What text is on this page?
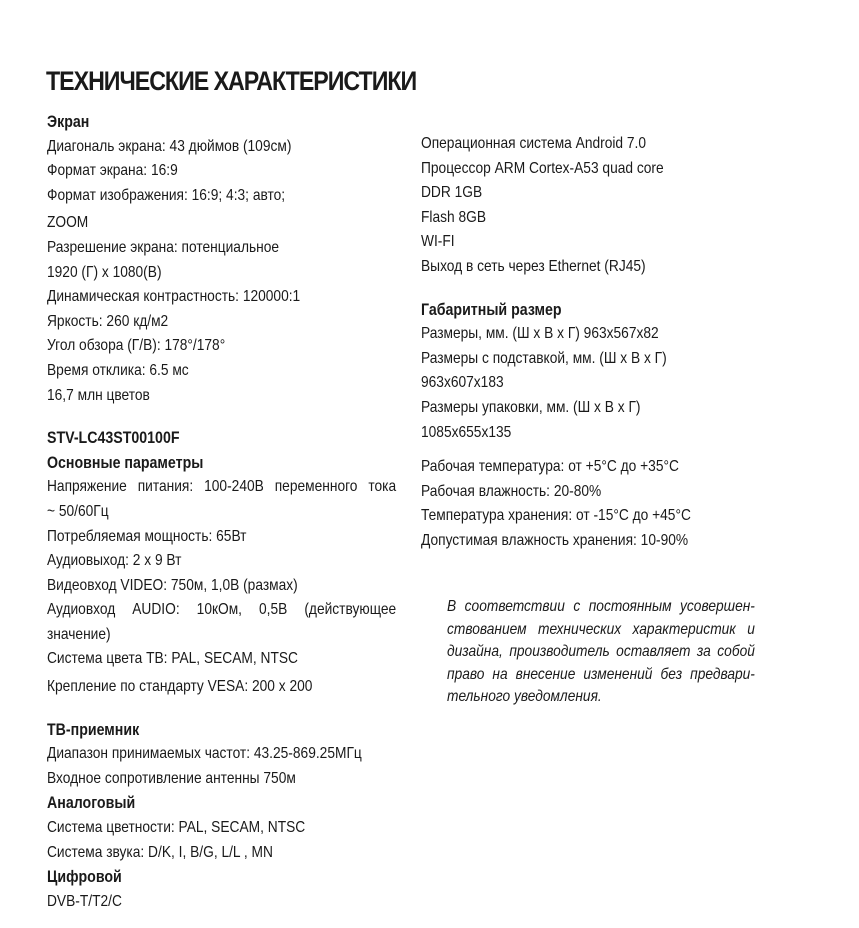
ТЕХНИЧЕСКИЕ ХАРАКТЕРИСТИКИ
Экран
Диагональ экрана: 43 дюймов (109см)
Формат экрана: 16:9
Формат изображения: 16:9; 4:3; авто;
ZOOM
Разрешение экрана: потенциальное
1920 (Г) x 1080(В)
Динамическая контрастность: 120000:1
Яркость: 260 кд/м2
Угол обзора (Г/В): 178°/178°
Время отклика: 6.5 мс
16,7 млн цветов
STV-LC43ST00100F
Основные параметры
Напряжение питания: 100-240В переменного тока
~ 50/60Гц
Потребляемая мощность: 65Вт
Аудиовыход: 2 x 9 Вт
Видеовход VIDEO: 750м, 1,0В (размах)
Аудиовход AUDIO: 10кОм, 0,5В (действующее
значение)
Система цвета ТВ: PAL, SECAM, NTSC
Крепление по стандарту VESA: 200 x 200
ТВ-приемник
Диапазон принимаемых частот: 43.25-869.25МГц
Входное сопротивление антенны 750м
Аналоговый
Система цветности: PAL, SECAM, NTSC
Система звука: D/K, I, B/G, L/L , MN
Цифровой
DVB-T/T2/C
Операционная система Android 7.0
Процессор ARM Cortex-A53 quad core
DDR 1GB
Flash 8GB
WI-FI
Выход в сеть через Ethernet (RJ45)
Габаритный размер
Размеры, мм. (Ш x В x Г) 963x567x82
Размеры с подставкой, мм. (Ш x В x Г)
963x607x183
Размеры упаковки, мм. (Ш x В x Г)
1085x655x135
Рабочая температура: от +5°С до +35°С
Рабочая влажность: 20-80%
Температура хранения: от -15°С до +45°С
Допустимая влажность хранения: 10-90%
В соответствии с постоянным усовершен-
ствованием технических характеристик и
дизайна, производитель оставляет за собой
право на внесение изменений без предвари-
тельного уведомления.
